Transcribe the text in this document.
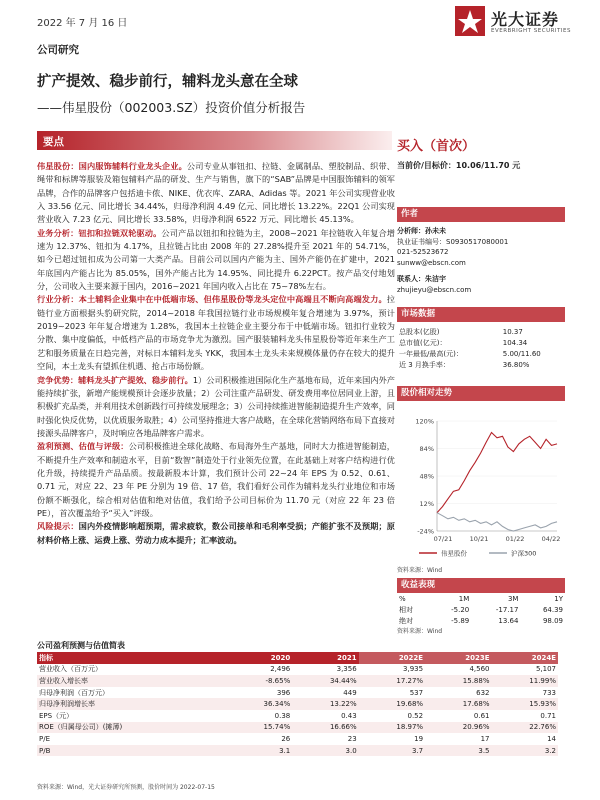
2022 年 7 月 16 日	光大证券
EVERBRIGHT SECURITIES
公司研究
扩产提效、稳步前行，辅料龙头意在全球
——伟星股份（002003.SZ）投资价值分析报告
要点

伟星股份：国内服饰辅料行业龙头企业。公司专业从事钮扣、拉链、金属制品、塑胶制品、织带、绳带和标牌等服装及箱包辅料产品的研发、生产与销售，旗下的“SAB”品牌是中国服饰辅料的领军品牌，合作的品牌客户包括迪卡侬、NIKE、优衣库、ZARA、Adidas 等。2021 年公司实现营业收入 33.56 亿元、同比增长 34.44%，归母净利润 4.49 亿元、同比增长 13.22%。22Q1 公司实现营业收入 7.23 亿元、同比增长 33.58%，归母净利润 6522 万元、同比增长 45.13%。

业务分析：钮扣和拉链双轮驱动。公司产品以钮扣和拉链为主，2008~2021 年拉链收入年复合增速为 12.37%、钮扣为 4.17%，且拉链占比由 2008 年的 27.28%提升至 2021 年的 54.71%，如今已超过钮扣成为公司第一大类产品。目前公司以国内产能为主、国外产能仍在扩建中，2021 年底国内产能占比为 85.05%，国外产能占比为 14.95%、同比提升 6.22PCT。按产品交付地划分，公司收入主要来源于国内，2016~2021 年国内收入占比在 75~78%左右。

行业分析：本土辅料企业集中在中低端市场、但伟星股份等龙头定位中高端且不断向高端发力。拉链行业方面根据头豹研究院，2014~2018 年我国拉链行业市场规模年复合增速为 3.97%，预计 2019~2023 年年复合增速为 1.28%，我国本土拉链企业主要分布于中低端市场。钮扣行业较为分散、集中度偏低，中低档产品的市场竞争尤为激烈。国产服装辅料龙头伟星股份等近年来生产工艺和服务质量在日趋完善，对标日本辅料龙头 YKK，我国本土龙头未来规模体量仍存在较大的提升空间，本土龙头有望抓住机遇、抢占市场份额。

竞争优势：辅料龙头扩产提效、稳步前行。1）公司积极推进国际化生产基地布局，近年来国内外产能持续扩张，新增产能规模预计会逐步放量；2）公司注重产品研发、研发费用率位居同业上游，且积极扩充品类，并利用技术创新践行可持续发展理念；3）公司持续推进智能制造提升生产效率，同时强化快反优势，以优质服务取胜；4）公司坚持推进大客户战略，在全球化营销网络布局下直接对接源头品牌客户，及时响应各地品牌客户需求。

盈利预测、估值与评级：公司积极推进全球化战略、布局海外生产基地，同时大力推进智能制造，不断提升生产效率和制造水平，目前“数智”制造处于行业领先位置，在此基础上对客户结构进行优化升级，持续提升产品品质。按最新股本计算，我们预计公司 22~24 年 EPS 为 0.52、0.61、0.71 元，对应 22、23 年 PE 分别为 19 倍、17 倍，我们看好公司作为辅料龙头行业地位和市场份额不断强化，综合相对估值和绝对估值，我们给予公司目标价为 11.70 元（对应 22 年 23 倍 PE），首次覆盖给予“买入”评级。

风险提示：国内外疫情影响超预期，需求疲软，数公司接单和毛利率受损；产能扩张不及预期；原材料价格上涨、运费上涨、劳动力成本提升；汇率波动。

买入（首次）
当前价/目标价：10.06/11.70 元
作者
分析师：孙未未
执业证书编号：S0930517080001
021-52523672
sunww@ebscn.com
联系人：朱洁宇
zhujieyu@ebscn.com
市场数据
总股本(亿股)	10.37
总市值(亿元)：	104.34
一年最低/最高(元)：	5.00/11.60
近 3 月换手率：	36.80%
股价相对走势
120%
84%
48%
12%
-24%
07/21	10/21	01/22	04/22
伟星股份	沪深300
资料来源：Wind
收益表现
%	1M	3M	1Y
相对	-5.20	-17.17	64.39
绝对	-5.89	13.64	98.09
资料来源：Wind
公司盈利预测与估值简表
指标	2020	2021	2022E	2023E	2024E
营业收入（百万元）	2,496	3,356	3,935	4,560	5,107
营业收入增长率	-8.65%	34.44%	17.27%	15.88%	11.99%
归母净利润（百万元）	396	449	537	632	733
归母净利润增长率	36.34%	13.22%	19.68%	17.68%	15.93%
EPS（元）	0.38	0.43	0.52	0.61	0.71
ROE（归属母公司）(摊薄)	15.74%	16.66%	18.97%	20.96%	22.76%
P/E	26	23	19	17	14
P/B	3.1	3.0	3.7	3.5	3.2
资料来源：Wind，光大证券研究所预测，股价时间为 2022-07-15
